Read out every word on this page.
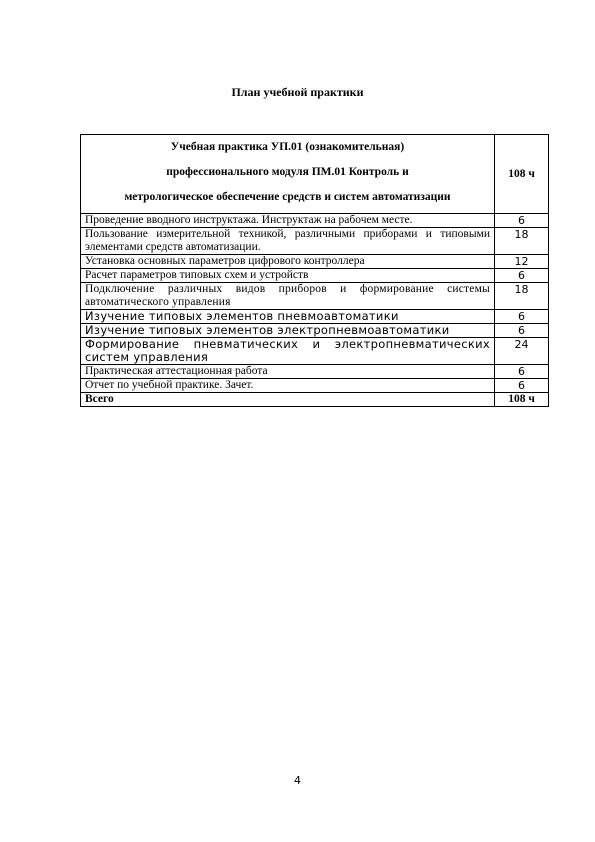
План учебной практики
Учебная практика УП.01 (ознакомительная)
профессионального модуля ПМ.01 Контроль и
метрологическое обеспечение средств и систем автоматизации	108 ч
Проведение вводного инструктажа. Инструктаж на рабочем месте.	6
Пользование измерительной техникой, различными приборами и типовыми элементами средств автоматизации.	18
Установка основных параметров цифрового контроллера	12
Расчет параметров типовых схем и устройств	6
Подключение различных видов приборов и формирование системы автоматического управления	18
Изучение типовых элементов пневмоавтоматики	6
Изучение типовых элементов электропневмоавтоматики	6
Формирование пневматических и электропневматических систем управления	24
Практическая аттестационная работа	6
Отчет по учебной практике. Зачет.	6
Всего	108 ч
4
